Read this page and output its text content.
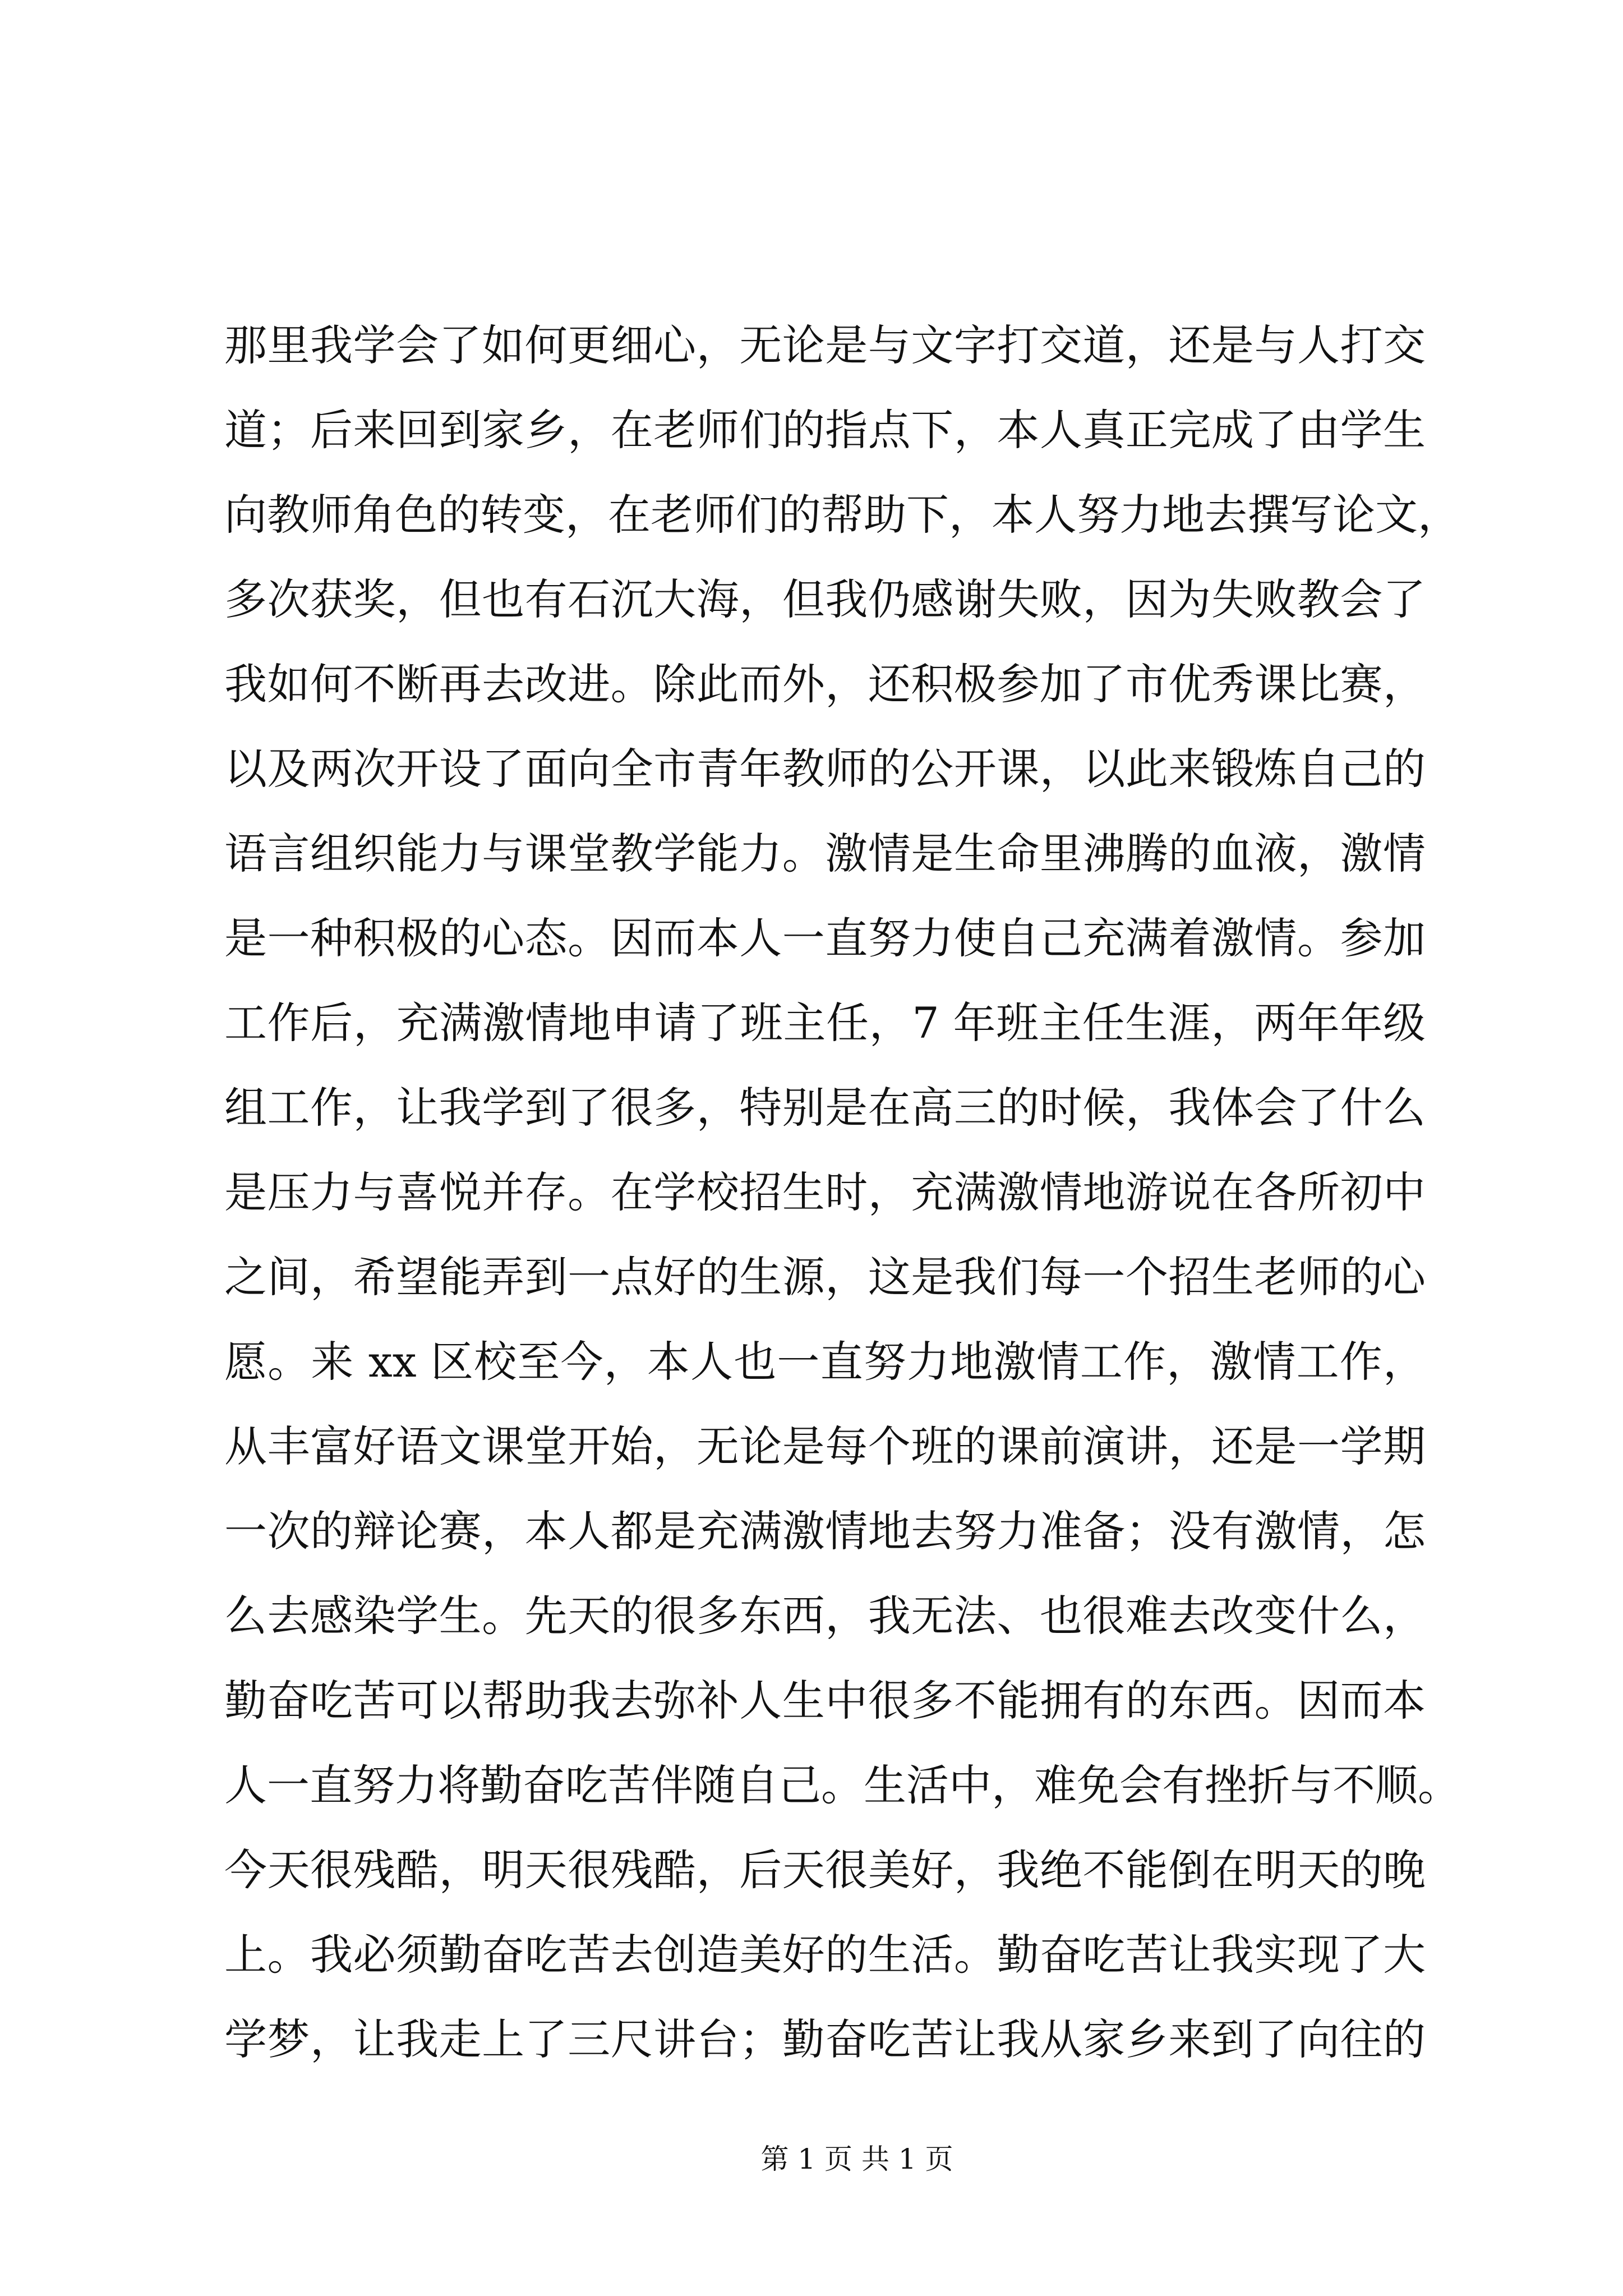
那里我学会了如何更细心，无论是与文字打交道，还是与人打交
道；后来回到家乡，在老师们的指点下，本人真正完成了由学生
向教师角色的转变，在老师们的帮助下，本人努力地去撰写论文，
多次获奖，但也有石沉大海，但我仍感谢失败，因为失败教会了
我如何不断再去改进。除此而外，还积极参加了市优秀课比赛，
以及两次开设了面向全市青年教师的公开课，以此来锻炼自己的
语言组织能力与课堂教学能力。激情是生命里沸腾的血液，激情
是一种积极的心态。因而本人一直努力使自己充满着激情。参加
工作后，充满激情地申请了班主任，7 年班主任生涯，两年年级
组工作，让我学到了很多，特别是在高三的时候，我体会了什么
是压力与喜悦并存。在学校招生时，充满激情地游说在各所初中
之间，希望能弄到一点好的生源，这是我们每一个招生老师的心
愿。来 xx 区校至今，本人也一直努力地激情工作，激情工作，
从丰富好语文课堂开始，无论是每个班的课前演讲，还是一学期
一次的辩论赛，本人都是充满激情地去努力准备；没有激情，怎
么去感染学生。先天的很多东西，我无法、也很难去改变什么，
勤奋吃苦可以帮助我去弥补人生中很多不能拥有的东西。因而本
人一直努力将勤奋吃苦伴随自己。生活中，难免会有挫折与不顺。
今天很残酷，明天很残酷，后天很美好，我绝不能倒在明天的晚
上。我必须勤奋吃苦去创造美好的生活。勤奋吃苦让我实现了大
学梦，让我走上了三尺讲台；勤奋吃苦让我从家乡来到了向往的
第 1 页 共 1 页
